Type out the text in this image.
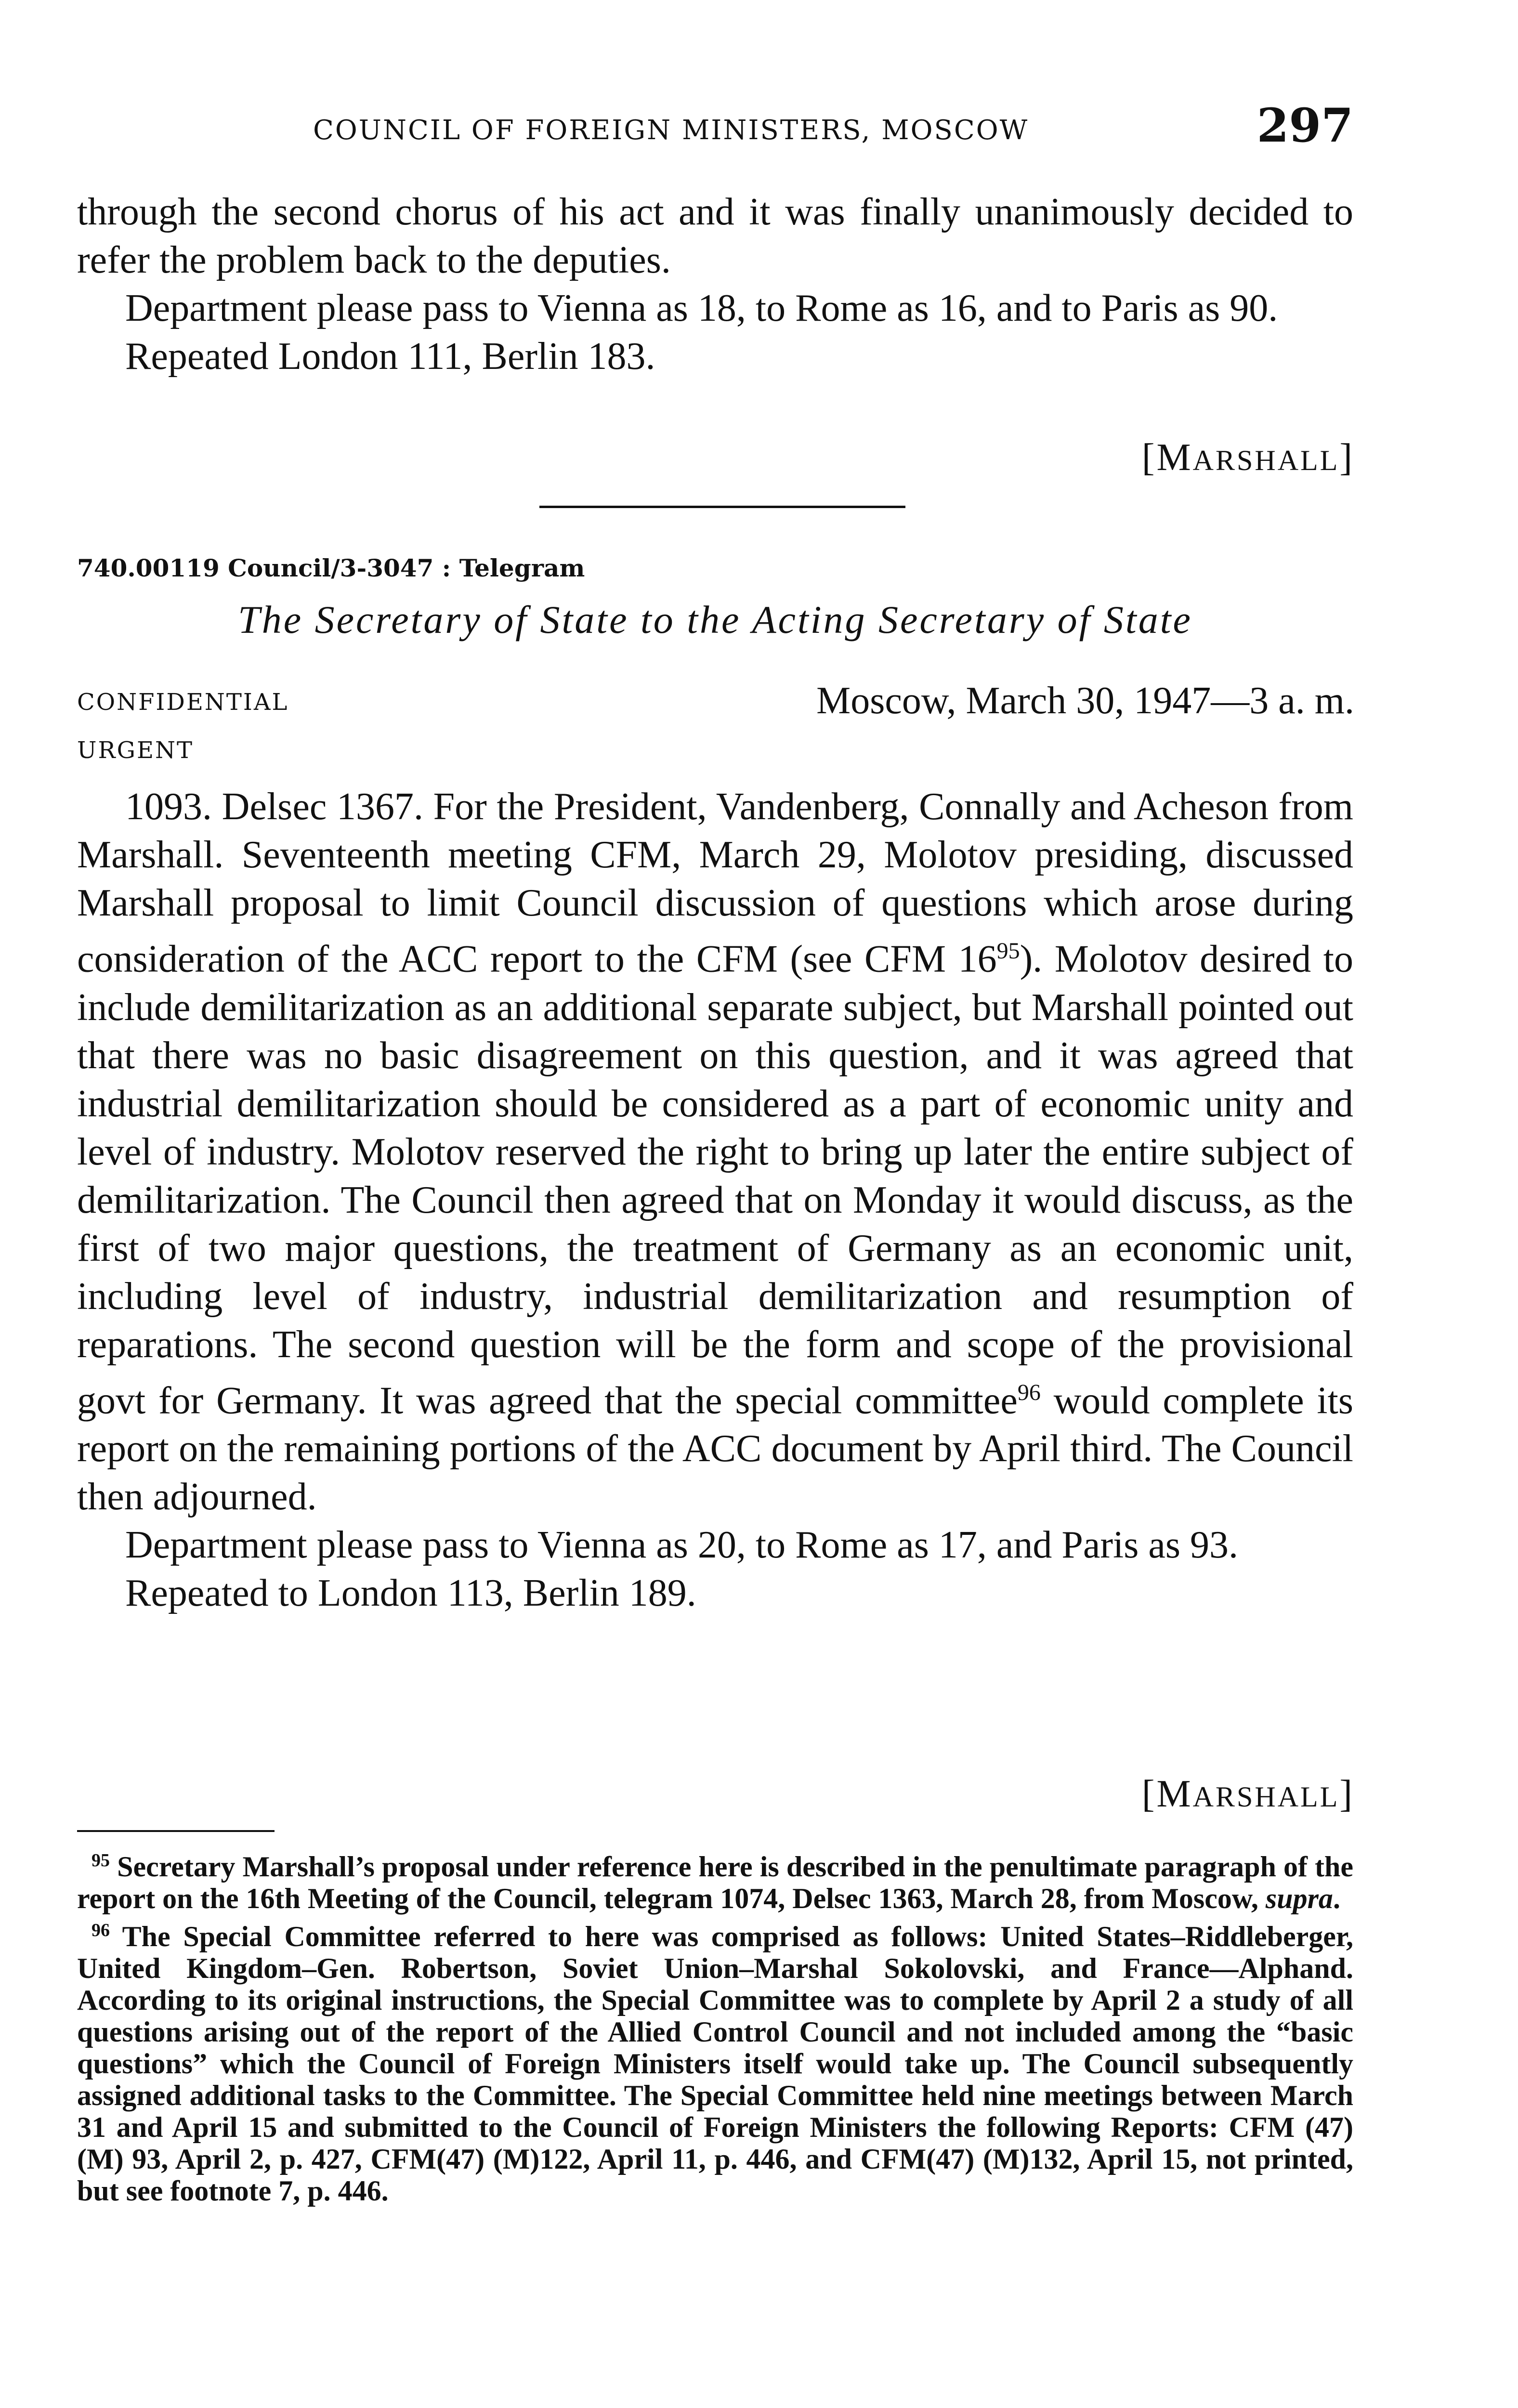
COUNCIL OF FOREIGN MINISTERS, MOSCOW	297

through the second chorus of his act and it was finally unanimously decided to refer the problem back to the deputies.

Department please pass to Vienna as 18, to Rome as 16, and to Paris as 90.

Repeated London 111, Berlin 183.

[MARSHALL]
740.00119 Council/3-3047 : Telegram
The Secretary of State to the Acting Secretary of State
CONFIDENTIAL
URGENT
Moscow, March 30, 1947—3 a. m.

1093. Delsec 1367. For the President, Vandenberg, Connally and Acheson from Marshall. Seventeenth meeting CFM, March 29, Molotov presiding, discussed Marshall proposal to limit Council discussion of questions which arose during consideration of the ACC report to the CFM (see CFM $16^{95}$). Molotov desired to include demilitarization as an additional separate subject, but Marshall pointed out that there was no basic disagreement on this question, and it was agreed that industrial demilitarization should be considered as a part of economic unity and level of industry. Molotov reserved the right to bring up later the entire subject of demilitarization. The Council then agreed that on Monday it would discuss, as the first of two major questions, the treatment of Germany as an economic unit, including level of industry, industrial demilitarization and resumption of reparations. The second question will be the form and scope of the provisional govt for Germany. It was agreed that the special committee$^{96}$ would complete its report on the remaining portions of the ACC document by April third. The Council then adjourned.

Department please pass to Vienna as 20, to Rome as 17, and Paris as 93.

Repeated to London 113, Berlin 189.

[MARSHALL]

$^{95}$ Secretary Marshall’s proposal under reference here is described in the penultimate paragraph of the report on the 16th Meeting of the Council, telegram 1074, Delsec 1363, March 28, from Moscow, supra.

$^{96}$ The Special Committee referred to here was comprised as follows: United States–Riddleberger, United Kingdom–Gen. Robertson, Soviet Union–Marshal Sokolovski, and France—Alphand. According to its original instructions, the Special Committee was to complete by April 2 a study of all questions arising out of the report of the Allied Control Council and not included among the “basic questions” which the Council of Foreign Ministers itself would take up. The Council subsequently assigned additional tasks to the Committee. The Special Committee held nine meetings between March 31 and April 15 and submitted to the Council of Foreign Ministers the following Reports: CFM (47) (M) 93, April 2, p. 427, CFM(47) (M)122, April 11, p. 446, and CFM(47) (M)132, April 15, not printed, but see footnote 7, p. 446.
